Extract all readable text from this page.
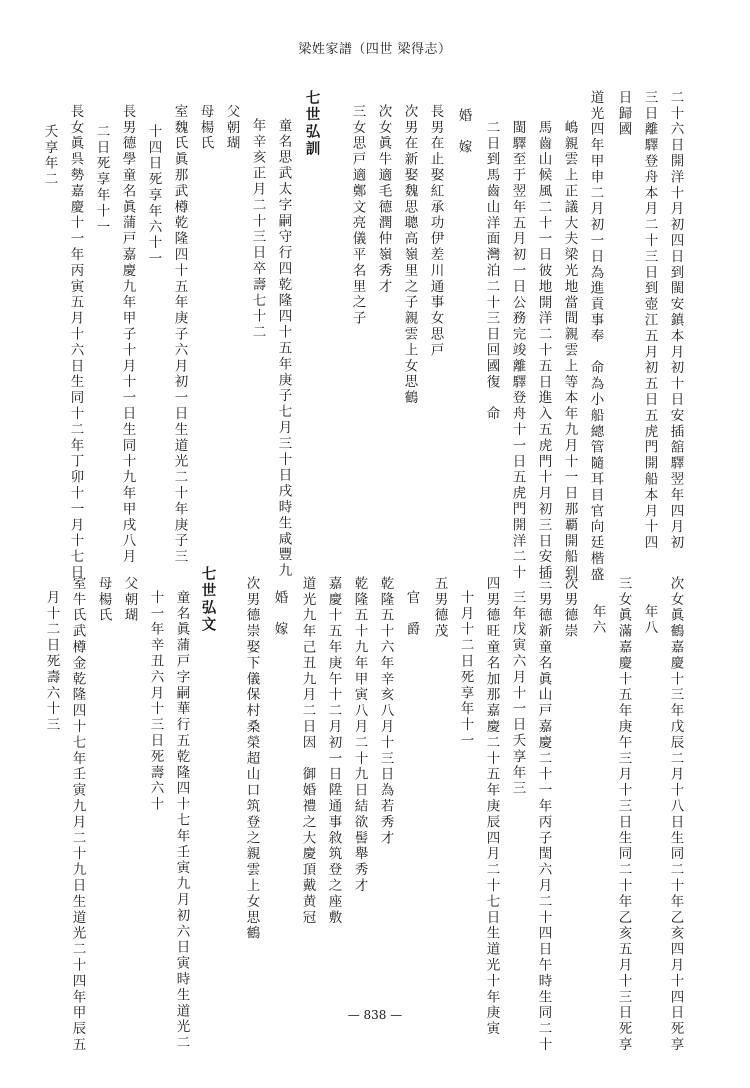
梁姓家譜（四世 梁得志）
二十六日開洋十月初四日到閩安鎮本月初十日安插舘驛翌年四月初
三日離驛登舟本月二十三日到壺江五月初五日五虎門開船本月十四
日歸國
道光四年甲申二月初一日為進貢事奉　命為小船總管隨耳目官向廷楷盛
嶋親雲上正議大夫梁光地當間親雲上等本年九月十一日那覇開船到
馬齒山候風二十一日彼地開洋二十五日進入五虎門十月初三日安插
閩驛至于翌年五月初一日公務完竣離驛登舟十一日五虎門開洋二十
二日到馬齒山洋面灣泊二十三日回國復　命
婚　嫁
長男在止娶紅承功伊差川通事女思戸
次男在新娶魏思聰高嶺里之子親雲上女思鶴
次女眞牛適毛德潤仲嶺秀才
三女思戸適鄭文亮儀平名里之子
七世弘訓
童名思武太字嗣守行四乾隆四十五年庚子七月三十日戌時生咸豐九
年辛亥正月二十三日卒壽七十二
父朝瑚
母楊氏
室魏氏眞那武樽乾隆四十五年庚子六月初一日生道光二十年庚子三
十四日死享年六十一
長男德學童名眞蒲戸嘉慶九年甲子十月十一日生同十九年甲戌八月
二日死享年十一
長女眞呉勢嘉慶十一年丙寅五月十六日生同十二年丁卯十一月十七日
夭享年二
次女眞鶴嘉慶十三年戊辰二月十八日生同二十年乙亥四月十四日死享
年八
三女眞滿嘉慶十五年庚午三月十三日生同二十年乙亥五月十三日死享
年六
次男德崇
三男德新童名眞山戸嘉慶二十一年丙子閏六月二十四日午時生同二十
三年戊寅六月十一日夭享年三
四男德旺童名加那嘉慶二十五年庚辰四月二十七日生道光十年庚寅
十月十二日死享年十一
五男德茂
官　爵
乾隆五十六年辛亥八月十三日為若秀才
乾隆五十九年甲寅八月二十九日結欲髻舉秀才
嘉慶十五年庚午十二月初一日陞通事敘筑登之座敷
道光九年己丑九月二日因　御婚禮之大慶頂戴黄冠
婚　嫁
次男德崇娶下儀保村桑榮超山口筑登之親雲上女思鶴
七世弘文
童名眞蒲戸字嗣華行五乾隆四十七年壬寅九月初六日寅時生道光二
十一年辛丑六月十三日死壽六十
父朝瑚
母楊氏
室牛氏武樽金乾隆四十七年壬寅九月二十九日生道光二十四年甲辰五
月十二日死壽六十三
— 838 —
